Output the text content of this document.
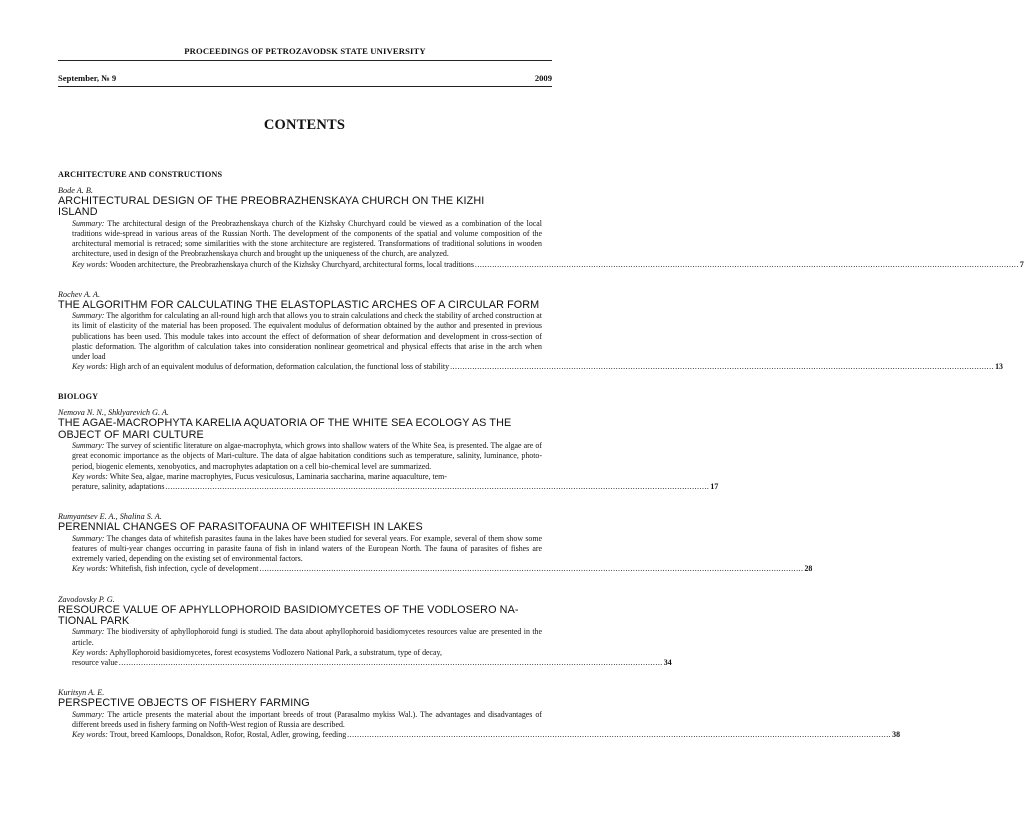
PROCEEDINGS OF PETROZAVODSK STATE UNIVERSITY
September, № 9	2009
CONTENTS

ARCHITECTURE AND CONSTRUCTIONS

Bode A. B.

ARCHITECTURAL DESIGN OF THE PREOBRAZHENSKAYA CHURCH ON THE KIZHI

ISLAND

Summary: The architectural design of the Preobrazhenskaya church of the Kizhsky Churchyard could be viewed as a combination of the local traditions wide-spread in various areas of the Russian North. The development of the components of the spatial and volume composition of the architectural memorial is retraced; some similarities with the stone architecture are registered. Transformations of traditional solutions in wooden architecture, used in design of the Preobrazhenskaya church and brought up the uniqueness of the church, are analyzed.
Key words: Wooden architecture, the Preobrazhenskaya church of the Kizhsky Churchyard, architectural forms, local traditions ............................................................................................................................................................................................................................ 7

Rochev A. A.

THE ALGORITHM FOR CALCULATING THE ELASTOPLASTIC ARCHES OF A CIRCULAR FORM

Summary: The algorithm for calculating an all-round high arch that allows you to strain calculations and check the stability of arched construction at its limit of elasticity of the material has been proposed. The equivalent modulus of deformation obtained by the author and presented in previous publications has been used. This module takes into account the effect of deformation of shear deformation and development in cross-section of plastic deformation. The algorithm of calculation takes into consideration nonlinear geometrical and physical effects that arise in the arch when under load
Key words: High arch of an equivalent modulus of deformation, deformation calculation, the functional loss of stability ............................................................................................................................................................................................................................ 13

BIOLOGY

Nemova N. N., Shklyarevich G. A.

THE AGAE-MACROPHYTA KARELIA AQUATORIA OF THE WHITE SEA ECOLOGY AS THE

OBJECT OF MARI CULTURE

Summary: The survey of scientific literature on algae-macrophyta, which grows into shallow waters of the White Sea, is presented. The algae are of great economic importance as the objects of Mari-culture. The data of algae habitation conditions such as temperature, salinity, luminance, photo-period, biogenic elements, xenobyotics, and macrophytes adaptation on a cell bio-chemical level are summarized.
Key words: White Sea, algae, marine macrophytes, Fucus vesiculosus, Laminaria saccharina, marine aquaculture, tem-
perature, salinity, adaptations ............................................................................................................................................................................................................................ 17

Rumyantsev E. A., Shalina S. A.

PERENNIAL CHANGES OF PARASITOFAUNA OF WHITEFISH IN LAKES

Summary: The changes data of whitefish parasites fauna in the lakes have been studied for several years. For example, several of them show some features of multi-year changes occurring in parasite fauna of fish in inland waters of the European North. The fauna of parasites of fishes are extremely varied, depending on the existing set of environmental factors.
Key words: Whitefish, fish infection, cycle of development ............................................................................................................................................................................................................................ 28

Zavodovsky P. G.

RESOURCE VALUE OF APHYLLOPHOROID BASIDIOMYCETES OF THE VODLOSERO NA-

TIONAL PARK

Summary: The biodiversity of aphyllophoroid fungi is studied. The data about aphyllophoroid basidiomycetes resources value are presented in the article.
Key words: Aphyllophoroid basidiomycetes, forest ecosystems Vodlozero National Park, a substratum, type of decay,
resource value ............................................................................................................................................................................................................................ 34

Kuritsyn A. E.

PERSPECTIVE OBJECTS OF FISHERY FARMING

Summary: The article presents the material about the important breeds of trout (Parasalmo mykiss Wal.). The advantages and disadvantages of different breeds used in fishery farming on Nofth-West region of Russia are described.
Key words: Trout, breed Kamloops, Donaldson, Rofor, Rostal, Adler, growing, feeding ............................................................................................................................................................................................................................ 38
